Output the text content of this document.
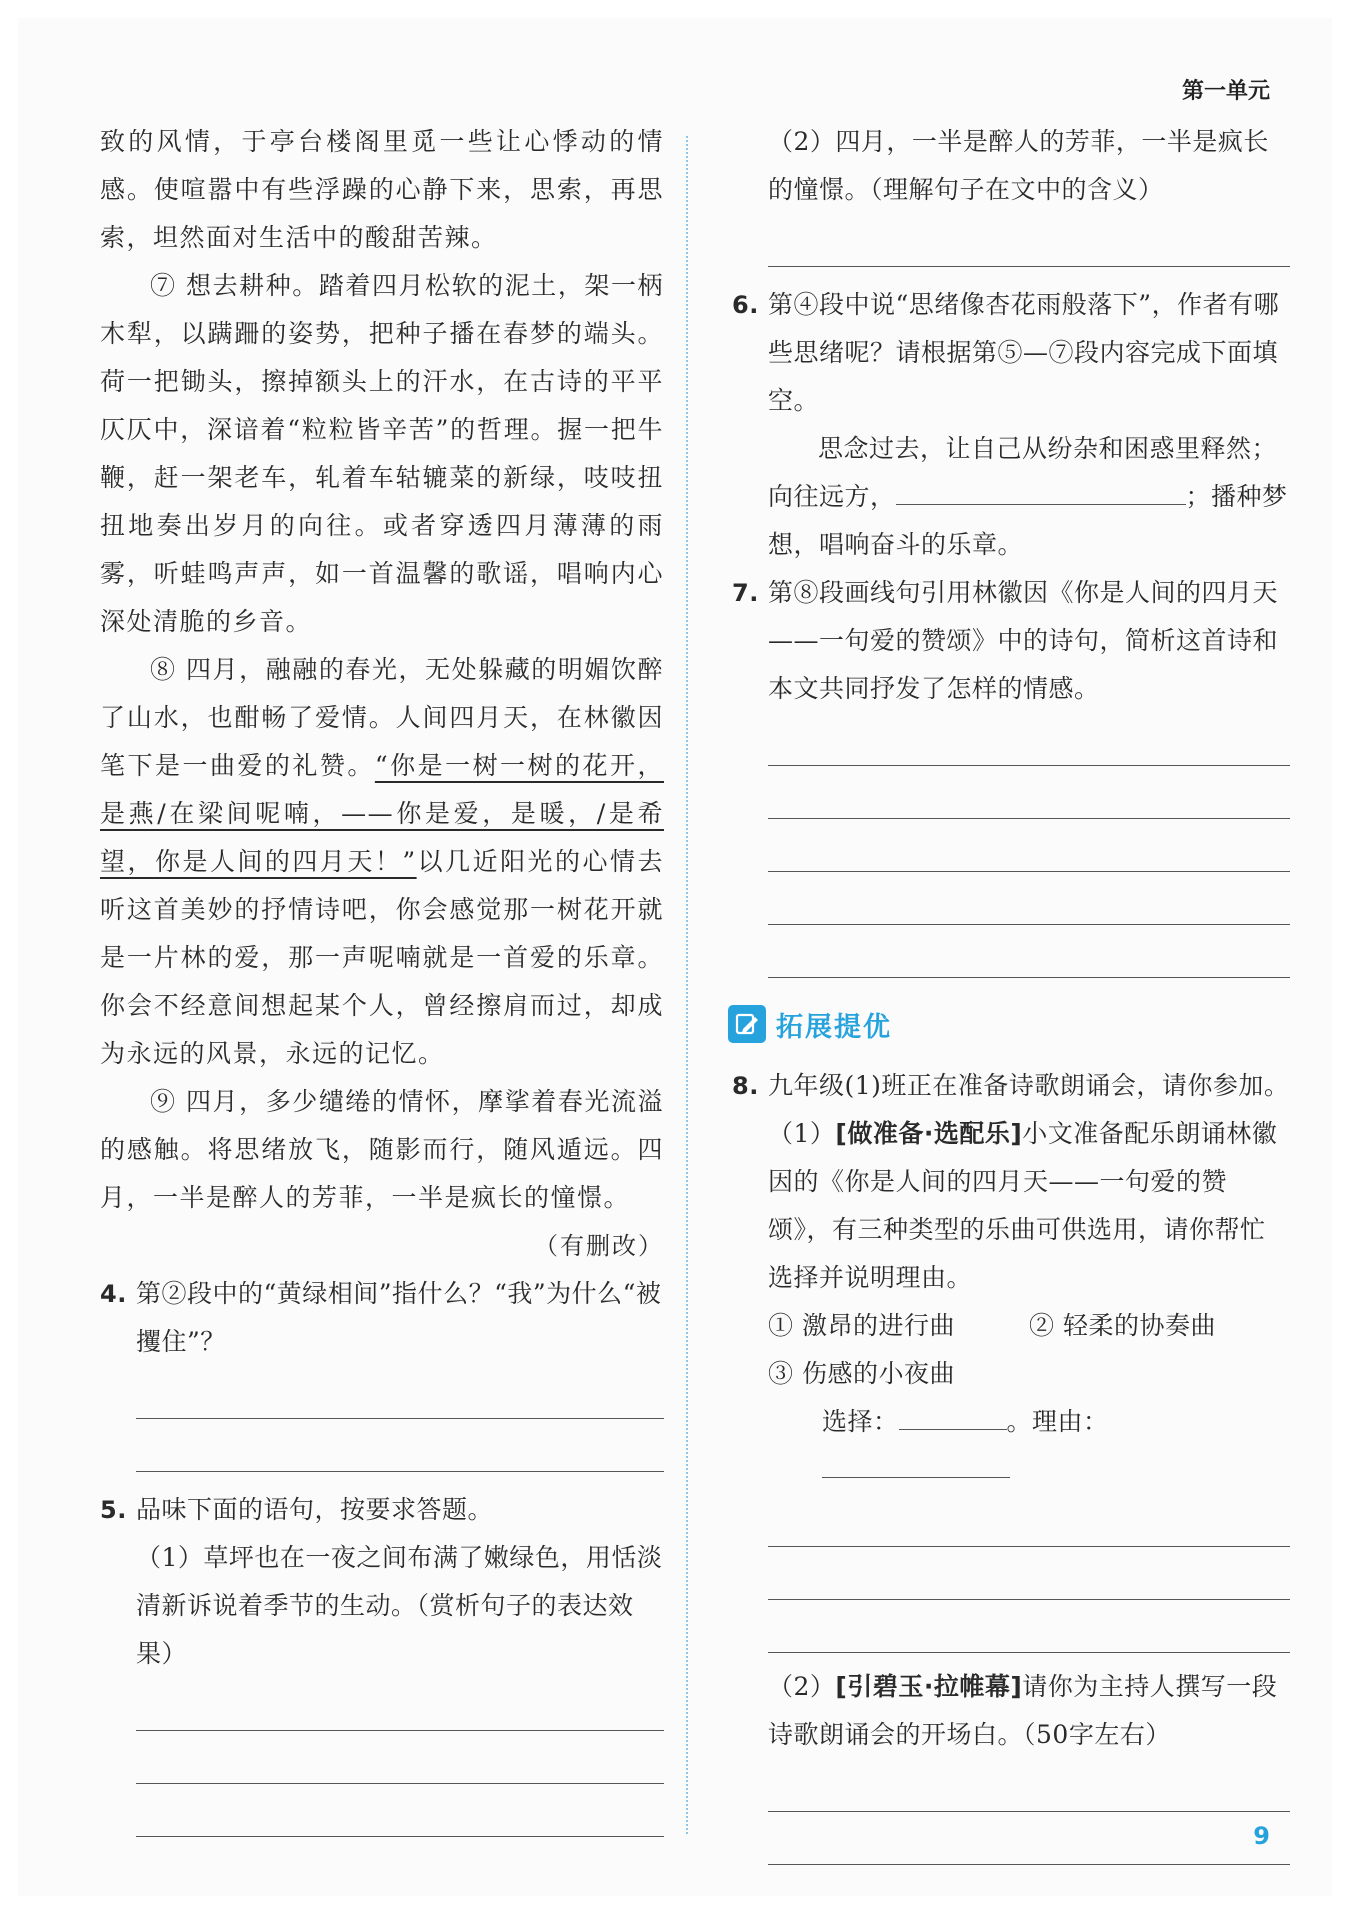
第一单元

致的风情，于亭台楼阁里觅一些让心悸动的情感。使喧嚣中有些浮躁的心静下来，思索，再思索，坦然面对生活中的酸甜苦辣。

⑦ 想去耕种。踏着四月松软的泥土，架一柄木犁，以蹒跚的姿势，把种子播在春梦的端头。荷一把锄头，擦掉额头上的汗水，在古诗的平平仄仄中，深谙着“粒粒皆辛苦”的哲理。握一把牛鞭，赶一架老车，轧着车轱辘菜的新绿，吱吱扭扭地奏出岁月的向往。或者穿透四月薄薄的雨雾，听蛙鸣声声，如一首温馨的歌谣，唱响内心深处清脆的乡音。

⑧ 四月，融融的春光，无处躲藏的明媚饮醉了山水，也酣畅了爱情。人间四月天，在林徽因笔下是一曲爱的礼赞。“你是一树一树的花开，是燕/在梁间呢喃，——你是爱，是暖，/是希望，你是人间的四月天！”以几近阳光的心情去听这首美妙的抒情诗吧，你会感觉那一树花开就是一片林的爱，那一声呢喃就是一首爱的乐章。你会不经意间想起某个人，曾经擦肩而过，却成为永远的风景，永远的记忆。

⑨ 四月，多少缱绻的情怀，摩挲着春光流溢的感触。将思绪放飞，随影而行，随风遁远。四月，一半是醉人的芳菲，一半是疯长的憧憬。

（有删改）
4. 第②段中的“黄绿相间”指什么？“我”为什么“被攫住”？

5. 品味下面的语句，按要求答题。

（1）草坪也在一夜之间布满了嫩绿色，用恬淡清新诉说着季节的生动。（赏析句子的表达效果）

（2）四月，一半是醉人的芳菲，一半是疯长的憧憬。（理解句子在文中的含义）

6. 第④段中说“思绪像杏花雨般落下”，作者有哪些思绪呢？请根据第⑤—⑦段内容完成下面填空。

思念过去，让自己从纷杂和困惑里释然；

向往远方，	；播种梦想，唱响奋斗的乐章。

7. 第⑧段画线句引用林徽因《你是人间的四月天——一句爱的赞颂》中的诗句，简析这首诗和本文共同抒发了怎样的情感。

拓展提优
8. 九年级(1)班正在准备诗歌朗诵会，请你参加。

（1）[做准备·选配乐]小文准备配乐朗诵林徽因的《你是人间的四月天——一句爱的赞颂》，有三种类型的乐曲可供选用，请你帮忙选择并说明理由。

① 激昂的进行曲	② 轻柔的协奏曲

③ 伤感的小夜曲

选择：	。理由：

（2）[引碧玉·拉帷幕]请你为主持人撰写一段诗歌朗诵会的开场白。（50字左右）

9
